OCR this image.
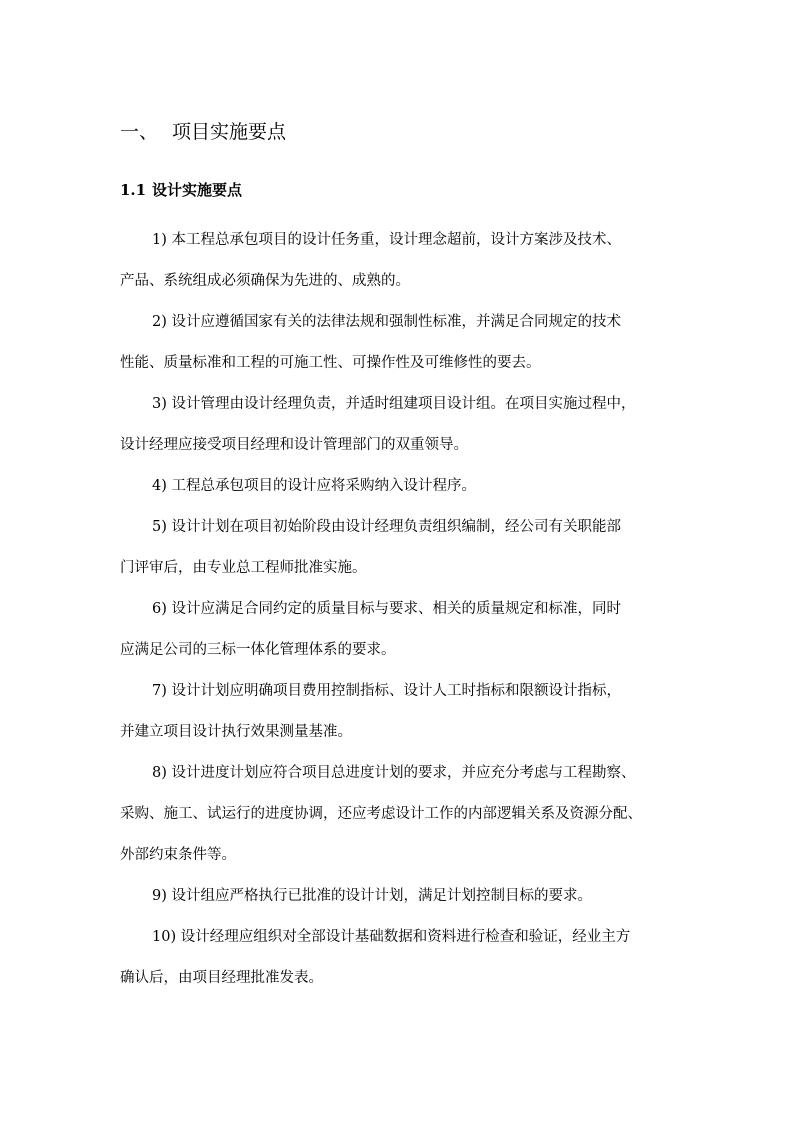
一、 项目实施要点
1.1 设计实施要点

1) 本工程总承包项目的设计任务重，设计理念超前，设计方案涉及技术、
产品、系统组成必须确保为先进的、成熟的。

2) 设计应遵循国家有关的法律法规和强制性标准，并满足合同规定的技术
性能、质量标准和工程的可施工性、可操作性及可维修性的要去。

3) 设计管理由设计经理负责，并适时组建项目设计组。在项目实施过程中，
设计经理应接受项目经理和设计管理部门的双重领导。

4) 工程总承包项目的设计应将采购纳入设计程序。

5) 设计计划在项目初始阶段由设计经理负责组织编制，经公司有关职能部
门评审后，由专业总工程师批准实施。

6) 设计应满足合同约定的质量目标与要求、相关的质量规定和标准，同时
应满足公司的三标一体化管理体系的要求。

7) 设计计划应明确项目费用控制指标、设计人工时指标和限额设计指标，
并建立项目设计执行效果测量基准。

8) 设计进度计划应符合项目总进度计划的要求，并应充分考虑与工程勘察、
采购、施工、试运行的进度协调，还应考虑设计工作的内部逻辑关系及资源分配、
外部约束条件等。

9) 设计组应严格执行已批准的设计计划，满足计划控制目标的要求。

10) 设计经理应组织对全部设计基础数据和资料进行检查和验证，经业主方
确认后，由项目经理批准发表。
